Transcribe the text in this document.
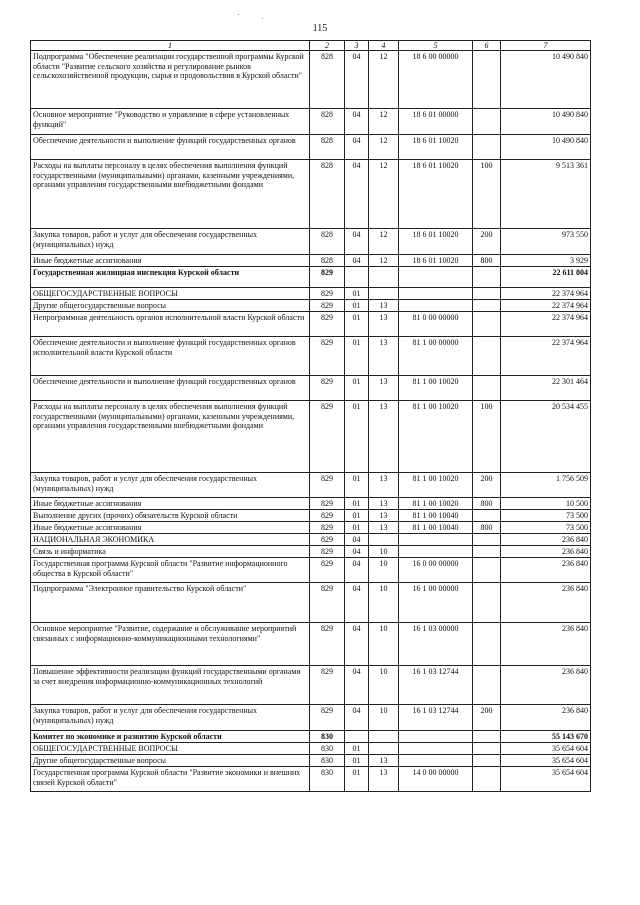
115
1	2	3	4	5	6	7
Подпрограмма "Обеспечение реализации государственной программы Курской области "Развитие сельского хозяйства и регулирование рынков сельскохозяйственной продукции, сырья и продовольствия в Курской области"	828	04	12	18 6 00 00000		10 490 840
Основное мероприятие "Руководство и управление в сфере установленных функций"	828	04	12	18 6 01 00000		10 490 840
Обеспечение деятельности и выполнение функций государственных органов	828	04	12	18 6 01 10020		10 490 840
Расходы на выплаты персоналу в целях обеспечения выполнения функций государственными (муниципальными) органами, казенными учреждениями, органами управления государственными внебюджетными фондами	828	04	12	18 6 01 10020	100	9 513 361
Закупка товаров, работ и услуг для обеспечения государственных (муниципальных) нужд	828	04	12	18 6 01 10020	200	973 550
Иные бюджетные ассигнования	828	04	12	18 6 01 10020	800	3 929
Государственная жилищная инспекция Курской области	829					22 611 804
ОБЩЕГОСУДАРСТВЕННЫЕ ВОПРОСЫ	829	01				22 374 964
Другие общегосударственные вопросы	829	01	13			22 374 964
Непрограммная деятельность органов исполнительной власти Курской области	829	01	13	81 0 00 00000		22 374 964
Обеспечение деятельности и выполнение функций государственных органов исполнительной власти Курской области	829	01	13	81 1 00 00000		22 374 964
Обеспечение деятельности и выполнение функций государственных органов	829	01	13	81 1 00 10020		22 301 464
Расходы на выплаты персоналу в целях обеспечения выполнения функций государственными (муниципальными) органами, казенными учреждениями, органами управления государственными внебюджетными фондами	829	01	13	81 1 00 10020	100	20 534 455
Закупка товаров, работ и услуг для обеспечения государственных (муниципальных) нужд	829	01	13	81 1 00 10020	200	1 756 509
Иные бюджетные ассигнования	829	01	13	81 1 00 10020	800	10 500
Выполнение других (прочих) обязательств Курской области	829	01	13	81 1 00 10040		73 500
Иные бюджетные ассигнования	829	01	13	81 1 00 10040	800	73 500
НАЦИОНАЛЬНАЯ ЭКОНОМИКА	829	04				236 840
Связь и информатика	829	04	10			236 840
Государственная программа Курской области "Развитие информационного общества в Курской области"	829	04	10	16 0 00 00000		236 840
Подпрограмма "Электронное правительство Курской области"	829	04	10	16 1 00 00000		236 840
Основное мероприятие "Развитие, содержание и обслуживание мероприятий связанных с информационно-коммуникационными технологиями"	829	04	10	16 1 03 00000		236 840
Повышение эффективности реализации функций государственными органами за счет внедрения информационно-коммуникационных технологий	829	04	10	16 1 03 12744		236 840
Закупка товаров, работ и услуг для обеспечения государственных (муниципальных) нужд	829	04	10	16 1 03 12744	200	236 840
Комитет по экономике и развитию Курской области	830					55 143 670
ОБЩЕГОСУДАРСТВЕННЫЕ ВОПРОСЫ	830	01				35 654 604
Другие общегосударственные вопросы	830	01	13			35 654 604
Государственная программа Курской области "Развитие экономики и внешних связей Курской области"	830	01	13	14 0 00 00000		35 654 604
